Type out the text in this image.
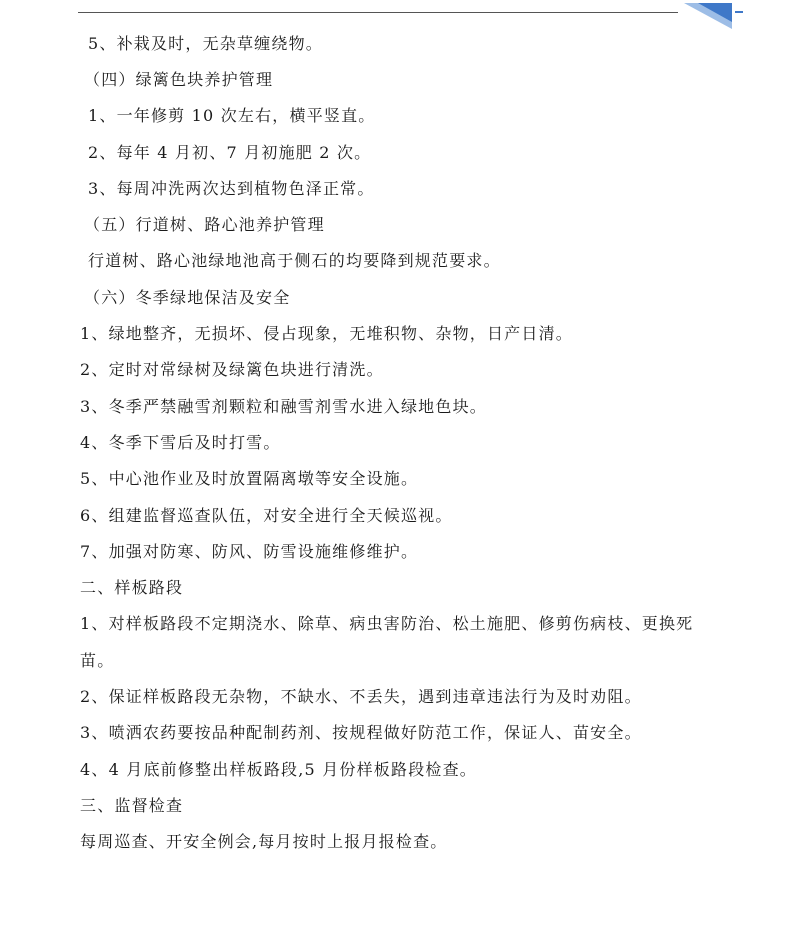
5、补栽及时，无杂草缠绕物。
（四）绿篱色块养护管理
1、一年修剪 10 次左右，横平竖直。
2、每年 4 月初、7 月初施肥 2 次。
3、每周冲洗两次达到植物色泽正常。
（五）行道树、路心池养护管理
行道树、路心池绿地池高于侧石的均要降到规范要求。
（六）冬季绿地保洁及安全
1、绿地整齐，无损坏、侵占现象，无堆积物、杂物，日产日清。
2、定时对常绿树及绿篱色块进行清洗。
3、冬季严禁融雪剂颗粒和融雪剂雪水进入绿地色块。
4、冬季下雪后及时打雪。
5、中心池作业及时放置隔离墩等安全设施。
6、组建监督巡查队伍，对安全进行全天候巡视。
7、加强对防寒、防风、防雪设施维修维护。
二、样板路段
1、对样板路段不定期浇水、除草、病虫害防治、松土施肥、修剪伤病枝、更换死
苗。
2、保证样板路段无杂物，不缺水、不丢失，遇到违章违法行为及时劝阻。
3、喷洒农药要按品种配制药剂、按规程做好防范工作，保证人、苗安全。
4、4 月底前修整出样板路段,5 月份样板路段检查。
三、监督检查
每周巡查、开安全例会,每月按时上报月报检查。
